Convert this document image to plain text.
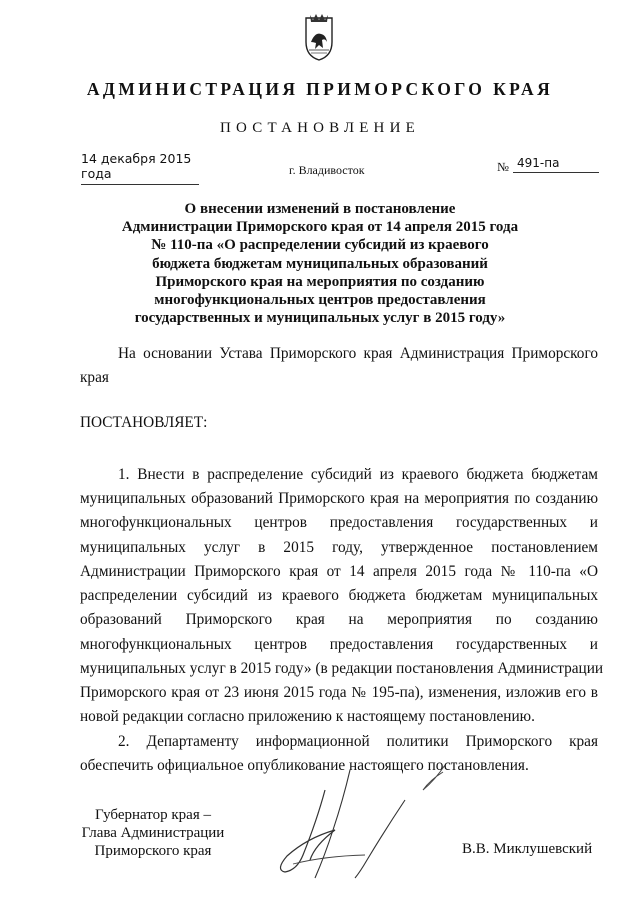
АДМИНИСТРАЦИЯ ПРИМОРСКОГО КРАЯ
ПОСТАНОВЛЕНИЕ
14 декабря 2015 года	г. Владивосток	№ 491-па
О внесении изменений в постановление
Администрации Приморского края от 14 апреля 2015 года
№ 110-па «О распределении субсидий из краевого
бюджета бюджетам муниципальных образований
Приморского края на мероприятия по созданию
многофункциональных центров предоставления
государственных и муниципальных услуг в 2015 году»
На основании Устава Приморского края Администрация Приморского
края
ПОСТАНОВЛЯЕТ:
1. Внести в распределение субсидий из краевого бюджета бюджетам
муниципальных образований Приморского края на мероприятия по созданию
многофункциональных центров предоставления государственных и
муниципальных услуг в 2015 году, утвержденное постановлением
Администрации Приморского края от 14 апреля 2015 года № 110-па «О
распределении субсидий из краевого бюджета бюджетам муниципальных
образований Приморского края на мероприятия по созданию
многофункциональных центров предоставления государственных и
муниципальных услуг в 2015 году» (в редакции постановления Администрации
Приморского края от 23 июня 2015 года № 195-па), изменения, изложив его в
новой редакции согласно приложению к настоящему постановлению.
2. Департаменту информационной политики Приморского края
обеспечить официальное опубликование настоящего постановления.
Губернатор края –
Глава Администрации
Приморского края	В.В. Миклушевский
